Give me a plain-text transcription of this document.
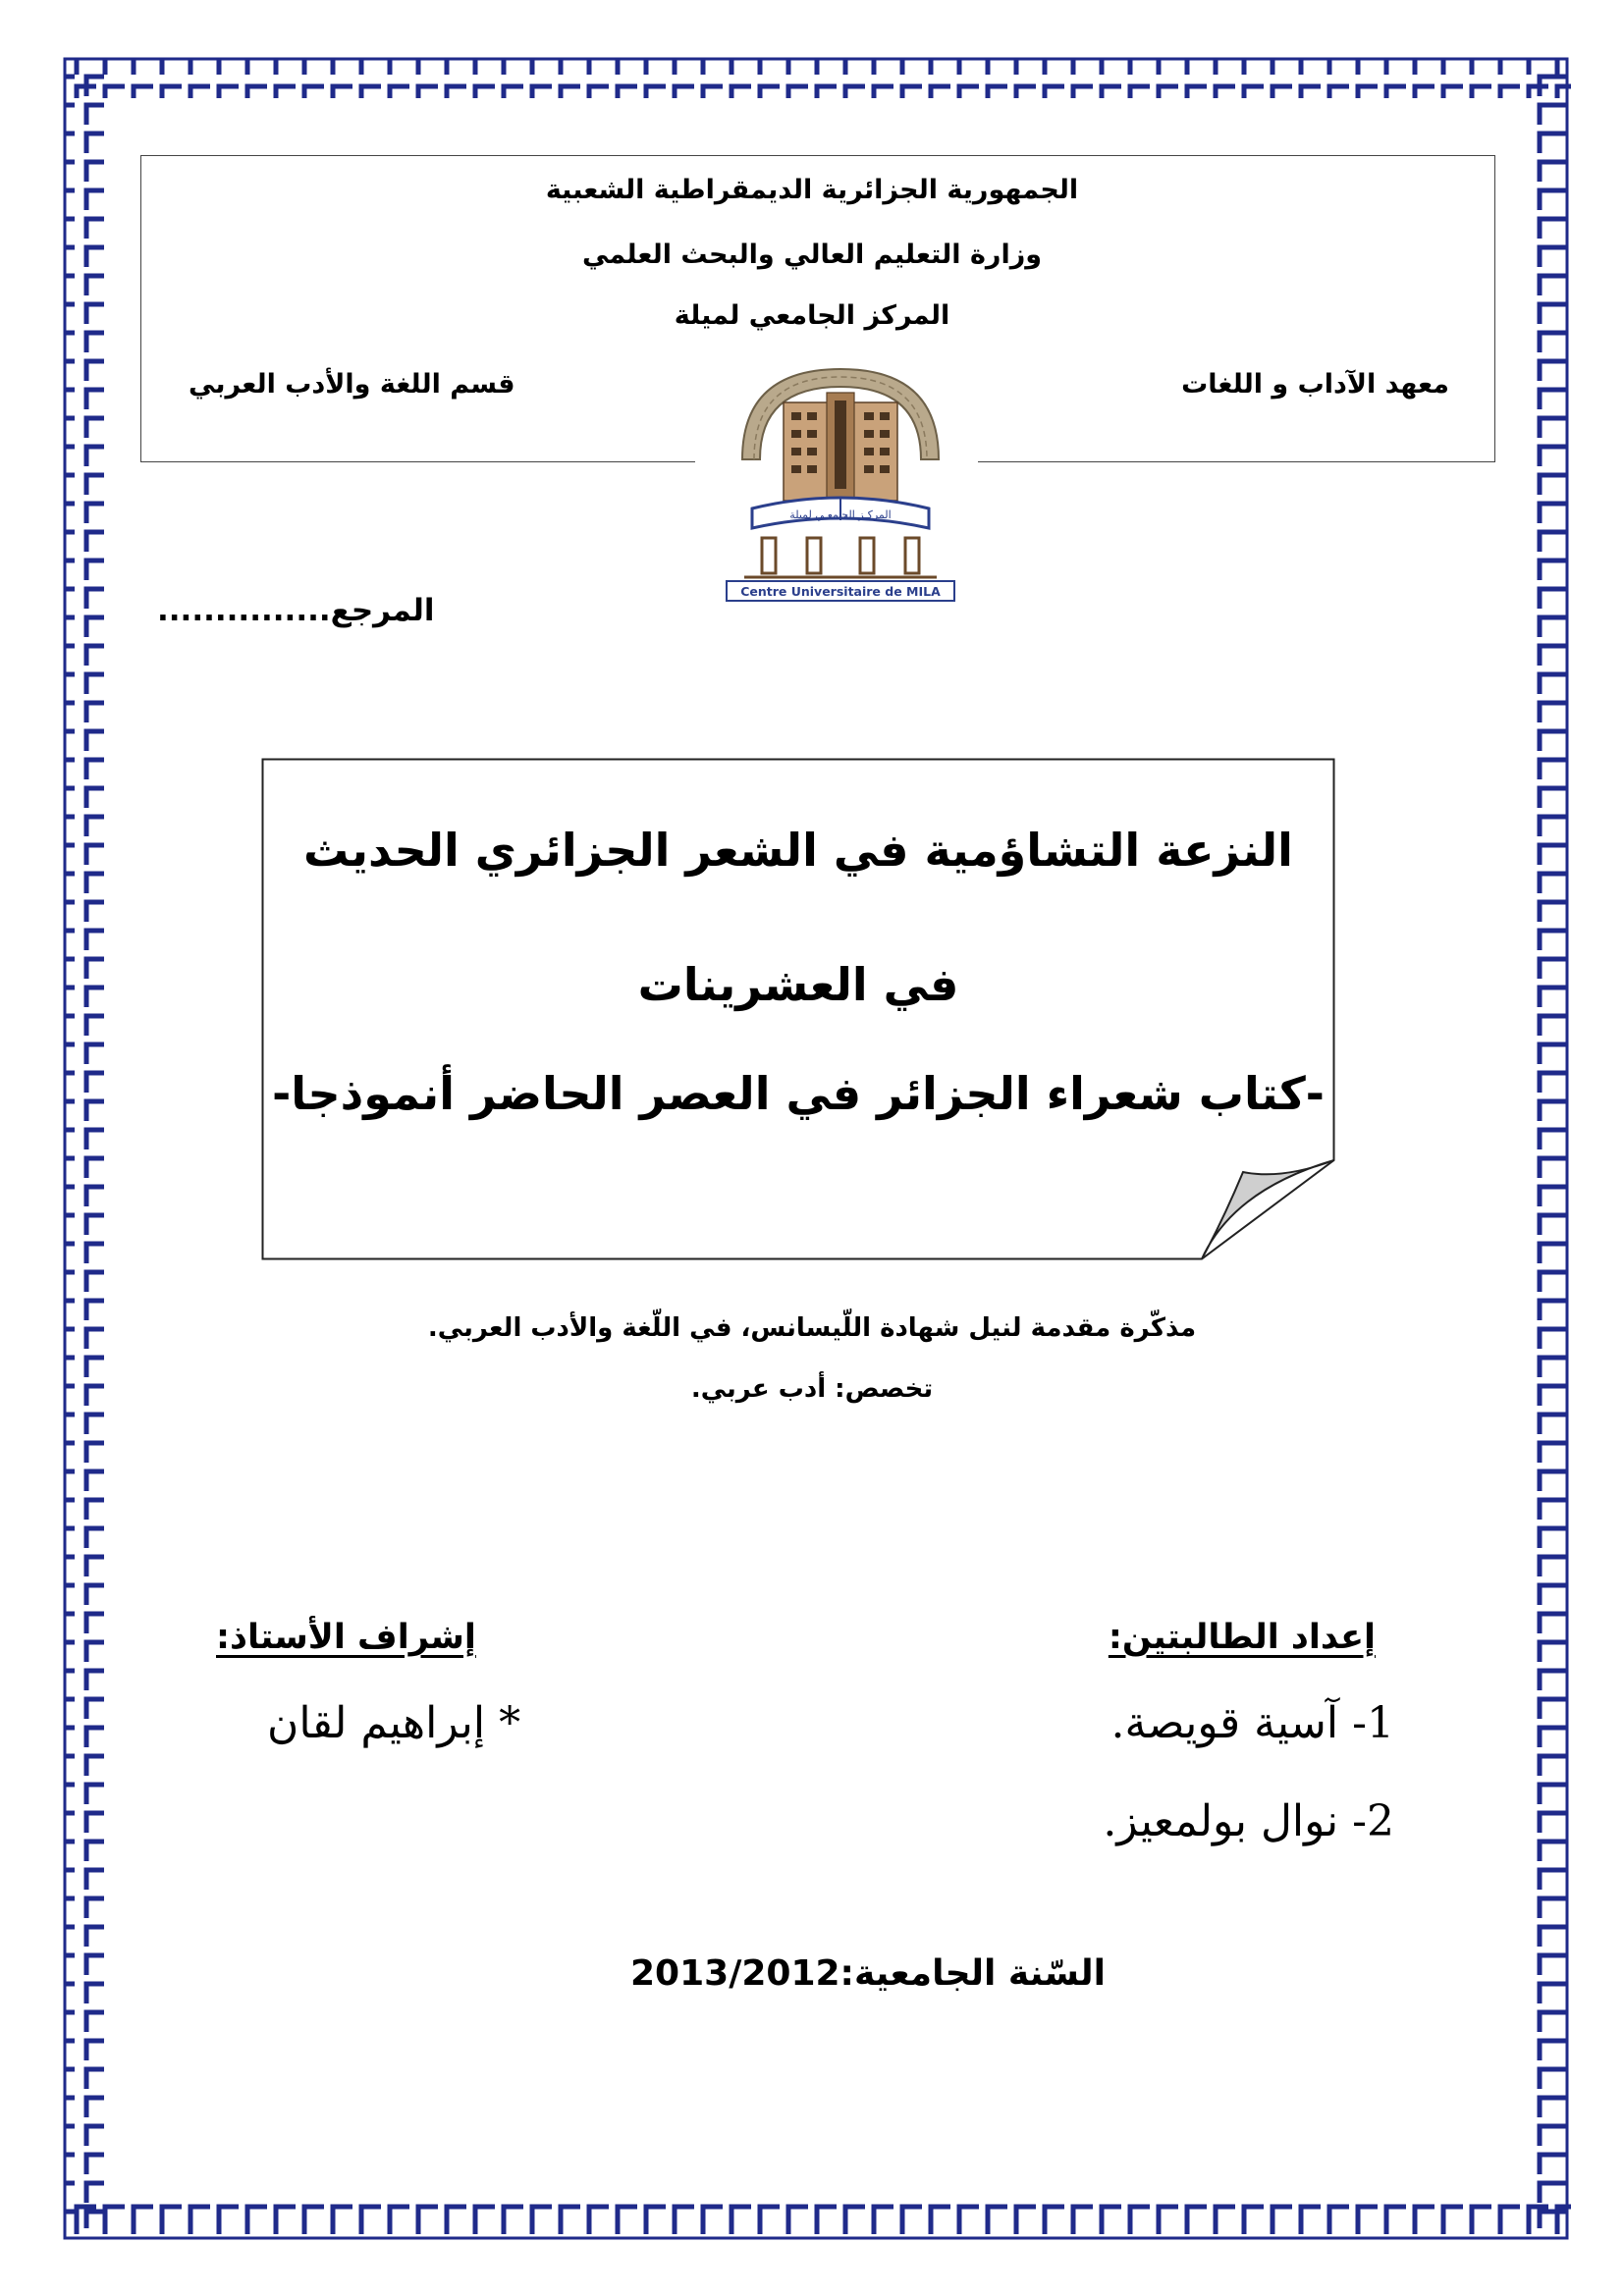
الجمهورية الجزائرية الديمقراطية الشعبية
وزارة التعليم العالي والبحث العلمي
المركز الجامعي لميلة
معهد الآداب و اللغات
قسم اللغة والأدب العربي
المركـز الجامعـي لميلة
Centre Universitaire de MILA
المرجع...............
النزعة التشاؤمية في الشعر الجزائري الحديث
في العشرينات
-كتاب شعراء الجزائر في العصر الحاضر أنموذجا-
مذكّرة مقدمة لنيل شهادة اللّيسانس، في اللّغة والأدب العربي.
تخصص: أدب عربي.
إعداد الطالبتين:
1- آسية قويصة.
2- نوال بولمعيز.
إشراف الأستاذ:
* إبراهيم لقان
2013/2012السّنة الجامعية:
